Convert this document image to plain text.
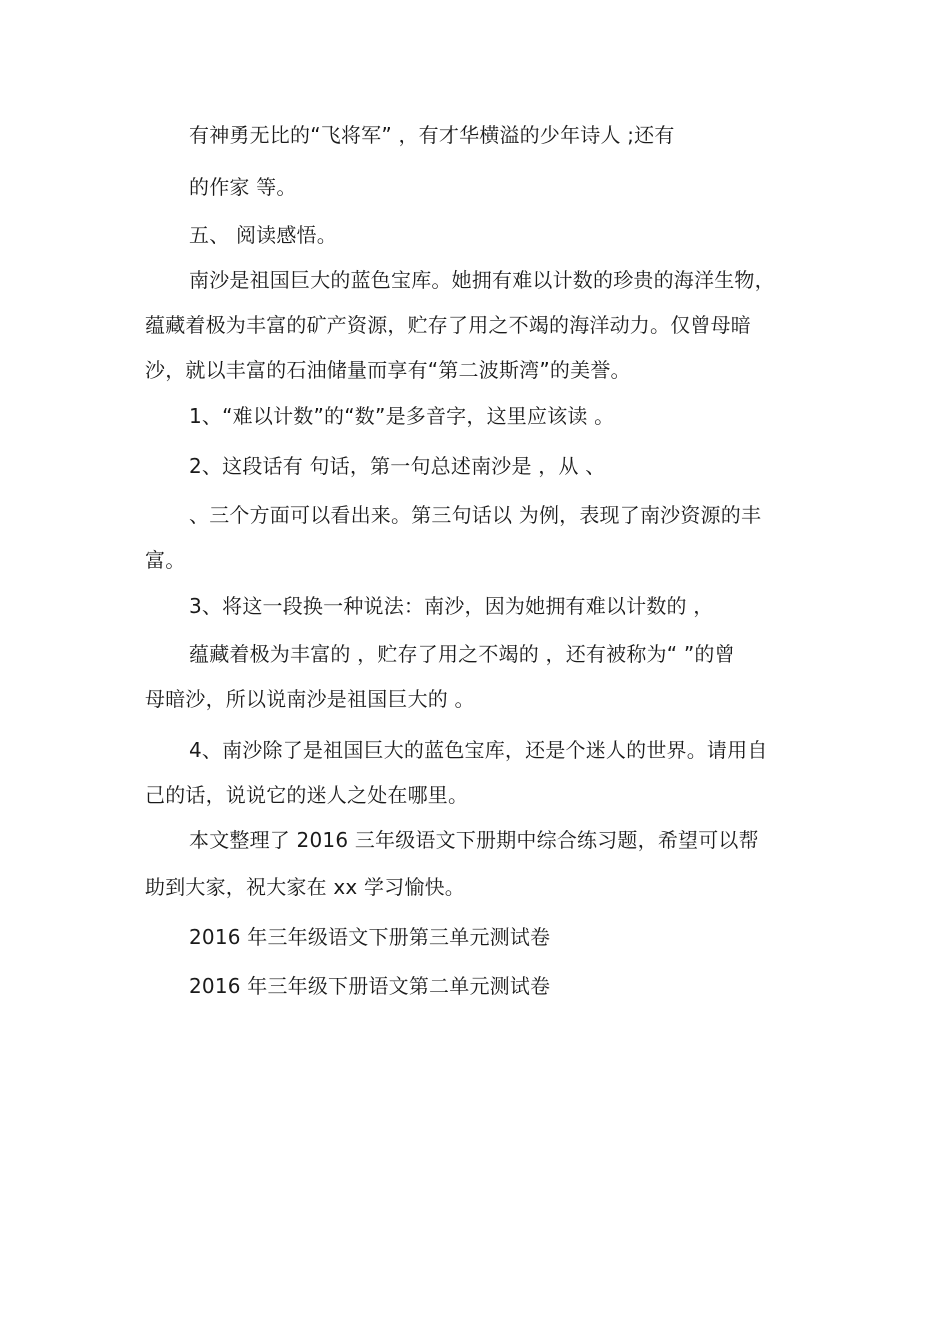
有神勇无比的“飞将军” ，有才华横溢的少年诗人 ;还有
的作家 等。
五、 阅读感悟。
南沙是祖国巨大的蓝色宝库。她拥有难以计数的珍贵的海洋生物，
蕴藏着极为丰富的矿产资源，贮存了用之不竭的海洋动力。仅曾母暗
沙，就以丰富的石油储量而享有“第二波斯湾”的美誉。
1、“难以计数”的“数”是多音字，这里应该读 。
2、这段话有 句话，第一句总述南沙是 ，从 、
、三个方面可以看出来。第三句话以 为例，表现了南沙资源的丰
富。
3、将这一段换一种说法：南沙，因为她拥有难以计数的 ，
蕴藏着极为丰富的 ，贮存了用之不竭的 ，还有被称为“ ”的曾
母暗沙，所以说南沙是祖国巨大的 。
4、南沙除了是祖国巨大的蓝色宝库，还是个迷人的世界。请用自
己的话，说说它的迷人之处在哪里。
本文整理了 2016 三年级语文下册期中综合练习题，希望可以帮
助到大家，祝大家在 xx 学习愉快。
2016 年三年级语文下册第三单元测试卷
2016 年三年级下册语文第二单元测试卷
